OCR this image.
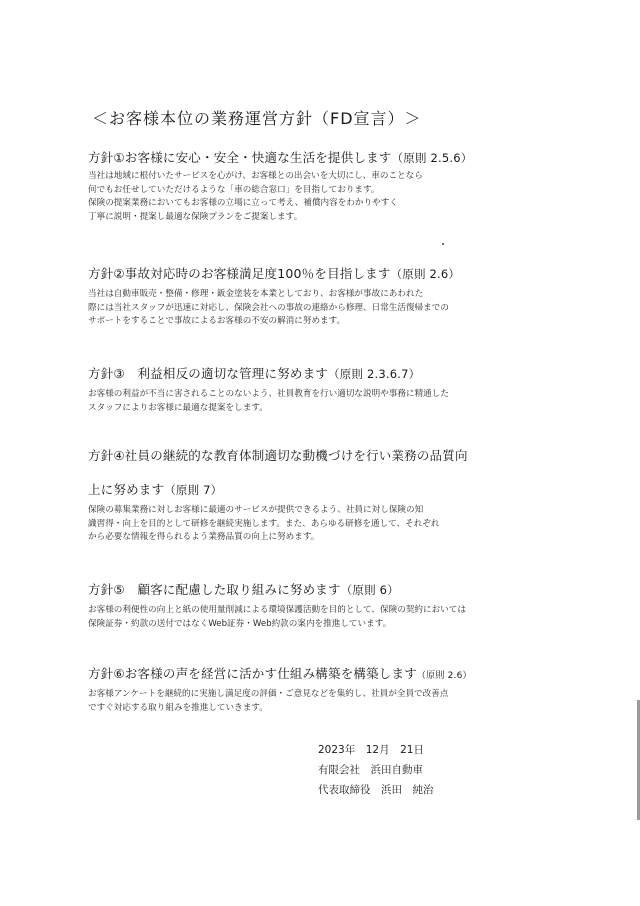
＜お客様本位の業務運営方針（FD宣言）＞
方針①お客様に安心・安全・快適な生活を提供します（原則 2.5.6）

当社は地域に根付いたサービスを心がけ、お客様との出会いを大切にし、車のことなら

何でもお任せしていただけるような「車の総合窓口」を目指しております。

保険の提案業務においてもお客様の立場に立って考え、補償内容をわかりやすく

丁寧に説明・提案し最適な保険プランをご提案します。

方針②事故対応時のお客様満足度100％を目指します（原則 2.6）

当社は自動車販売・整備・修理・鈑金塗装を本業としており、お客様が事故にあわれた

際には当社スタッフが迅速に対応し、保険会社への事故の連絡から修理、日常生活復帰までの

サポートをすることで事故によるお客様の不安の解消に努めます。

方針③　利益相反の適切な管理に努めます（原則 2.3.6.7）

お客様の利益が不当に害されることのないよう、社員教育を行い適切な説明や事務に精通した

スタッフによりお客様に最適な提案をします。

方針④社員の継続的な教育体制適切な動機づけを行い業務の品質向
上に努めます（原則 7）

保険の募集業務に対しお客様に最適のサービスが提供できるよう、社員に対し保険の知

識習得・向上を目的として研修を継続実施します。また、あらゆる研修を通して、それぞれ

から必要な情報を得られるよう業務品質の向上に努めます。

方針⑤　顧客に配慮した取り組みに努めます（原則 6）

お客様の利便性の向上と紙の使用量削減による環境保護活動を目的として、保険の契約においては

保険証券・約款の送付ではなくWeb証券・Web約款の案内を推進しています。

方針⑥お客様の声を経営に活かす仕組み構築を構築します（原則 2.6）

お客様アンケートを継続的に実施し満足度の評価・ご意見などを集約し、社員が全員で改善点

ですぐ対応する取り組みを推進していきます。

2023年　12月　21日
有限会社　浜田自動車
代表取締役　浜田　純治
